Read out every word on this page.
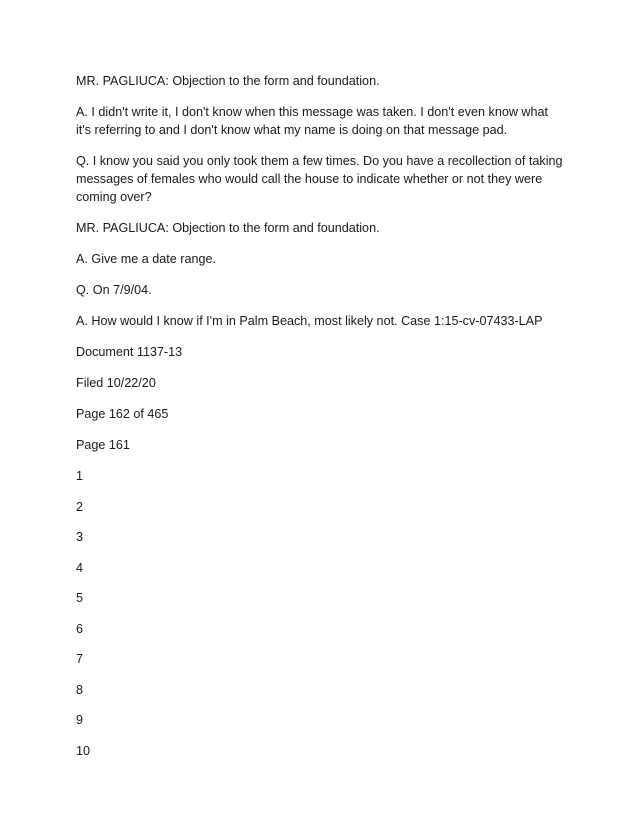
MR. PAGLIUCA: Objection to the form and foundation.

A. I didn't write it, I don't know when this message was taken. I don't even know what it's referring to and I don't know what my name is doing on that message pad.

Q. I know you said you only took them a few times. Do you have a recollection of taking messages of females who would call the house to indicate whether or not they were coming over?

MR. PAGLIUCA: Objection to the form and foundation.

A. Give me a date range.

Q. On 7/9/04.

A. How would I know if I'm in Palm Beach, most likely not. Case 1:15-cv-07433-LAP

Document 1137-13

Filed 10/22/20

Page 162 of 465

Page 161

1

2

3

4

5

6

7

8

9

10
